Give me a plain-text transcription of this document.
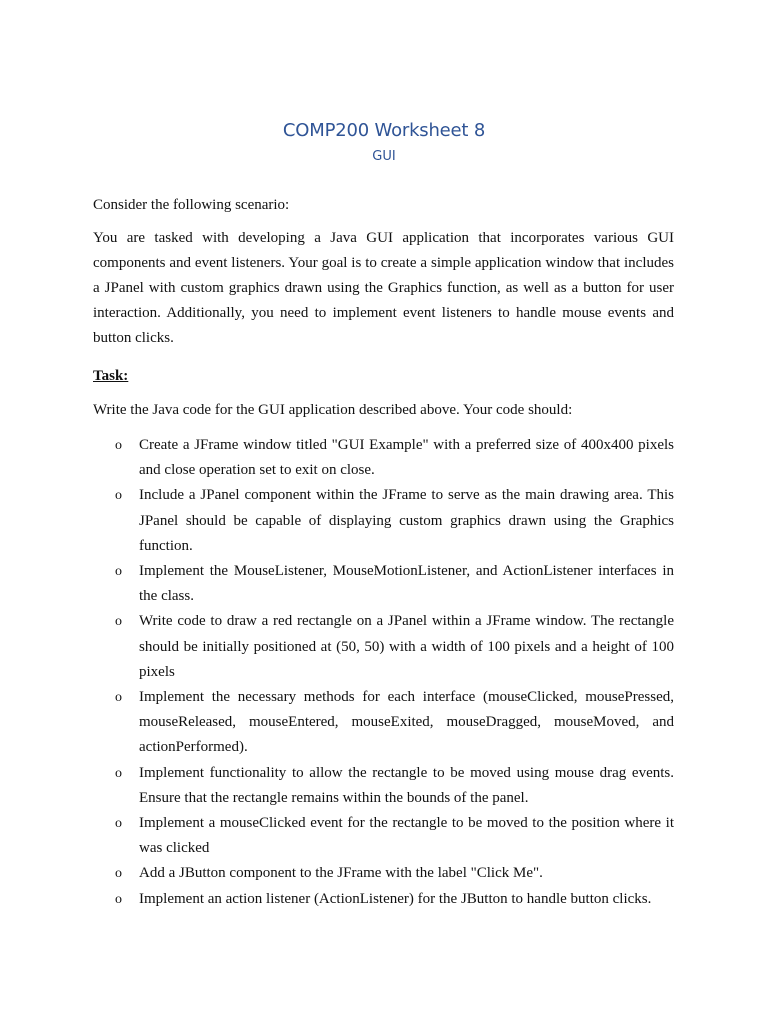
COMP200 Worksheet 8
GUI
Consider the following scenario:
You are tasked with developing a Java GUI application that incorporates various GUI components and event listeners. Your goal is to create a simple application window that includes a JPanel with custom graphics drawn using the Graphics function, as well as a button for user interaction. Additionally, you need to implement event listeners to handle mouse events and button clicks.
Task:
Write the Java code for the GUI application described above. Your code should:
o Create a JFrame window titled "GUI Example" with a preferred size of 400x400 pixels and close operation set to exit on close.
o Include a JPanel component within the JFrame to serve as the main drawing area. This JPanel should be capable of displaying custom graphics drawn using the Graphics function.
o Implement the MouseListener, MouseMotionListener, and ActionListener interfaces in the class.
o Write code to draw a red rectangle on a JPanel within a JFrame window. The rectangle should be initially positioned at (50, 50) with a width of 100 pixels and a height of 100 pixels
o Implement the necessary methods for each interface (mouseClicked, mousePressed, mouseReleased, mouseEntered, mouseExited, mouseDragged, mouseMoved, and actionPerformed).
o Implement functionality to allow the rectangle to be moved using mouse drag events. Ensure that the rectangle remains within the bounds of the panel.
o Implement a mouseClicked event for the rectangle to be moved to the position where it was clicked
o Add a JButton component to the JFrame with the label "Click Me".
o Implement an action listener (ActionListener) for the JButton to handle button clicks.
